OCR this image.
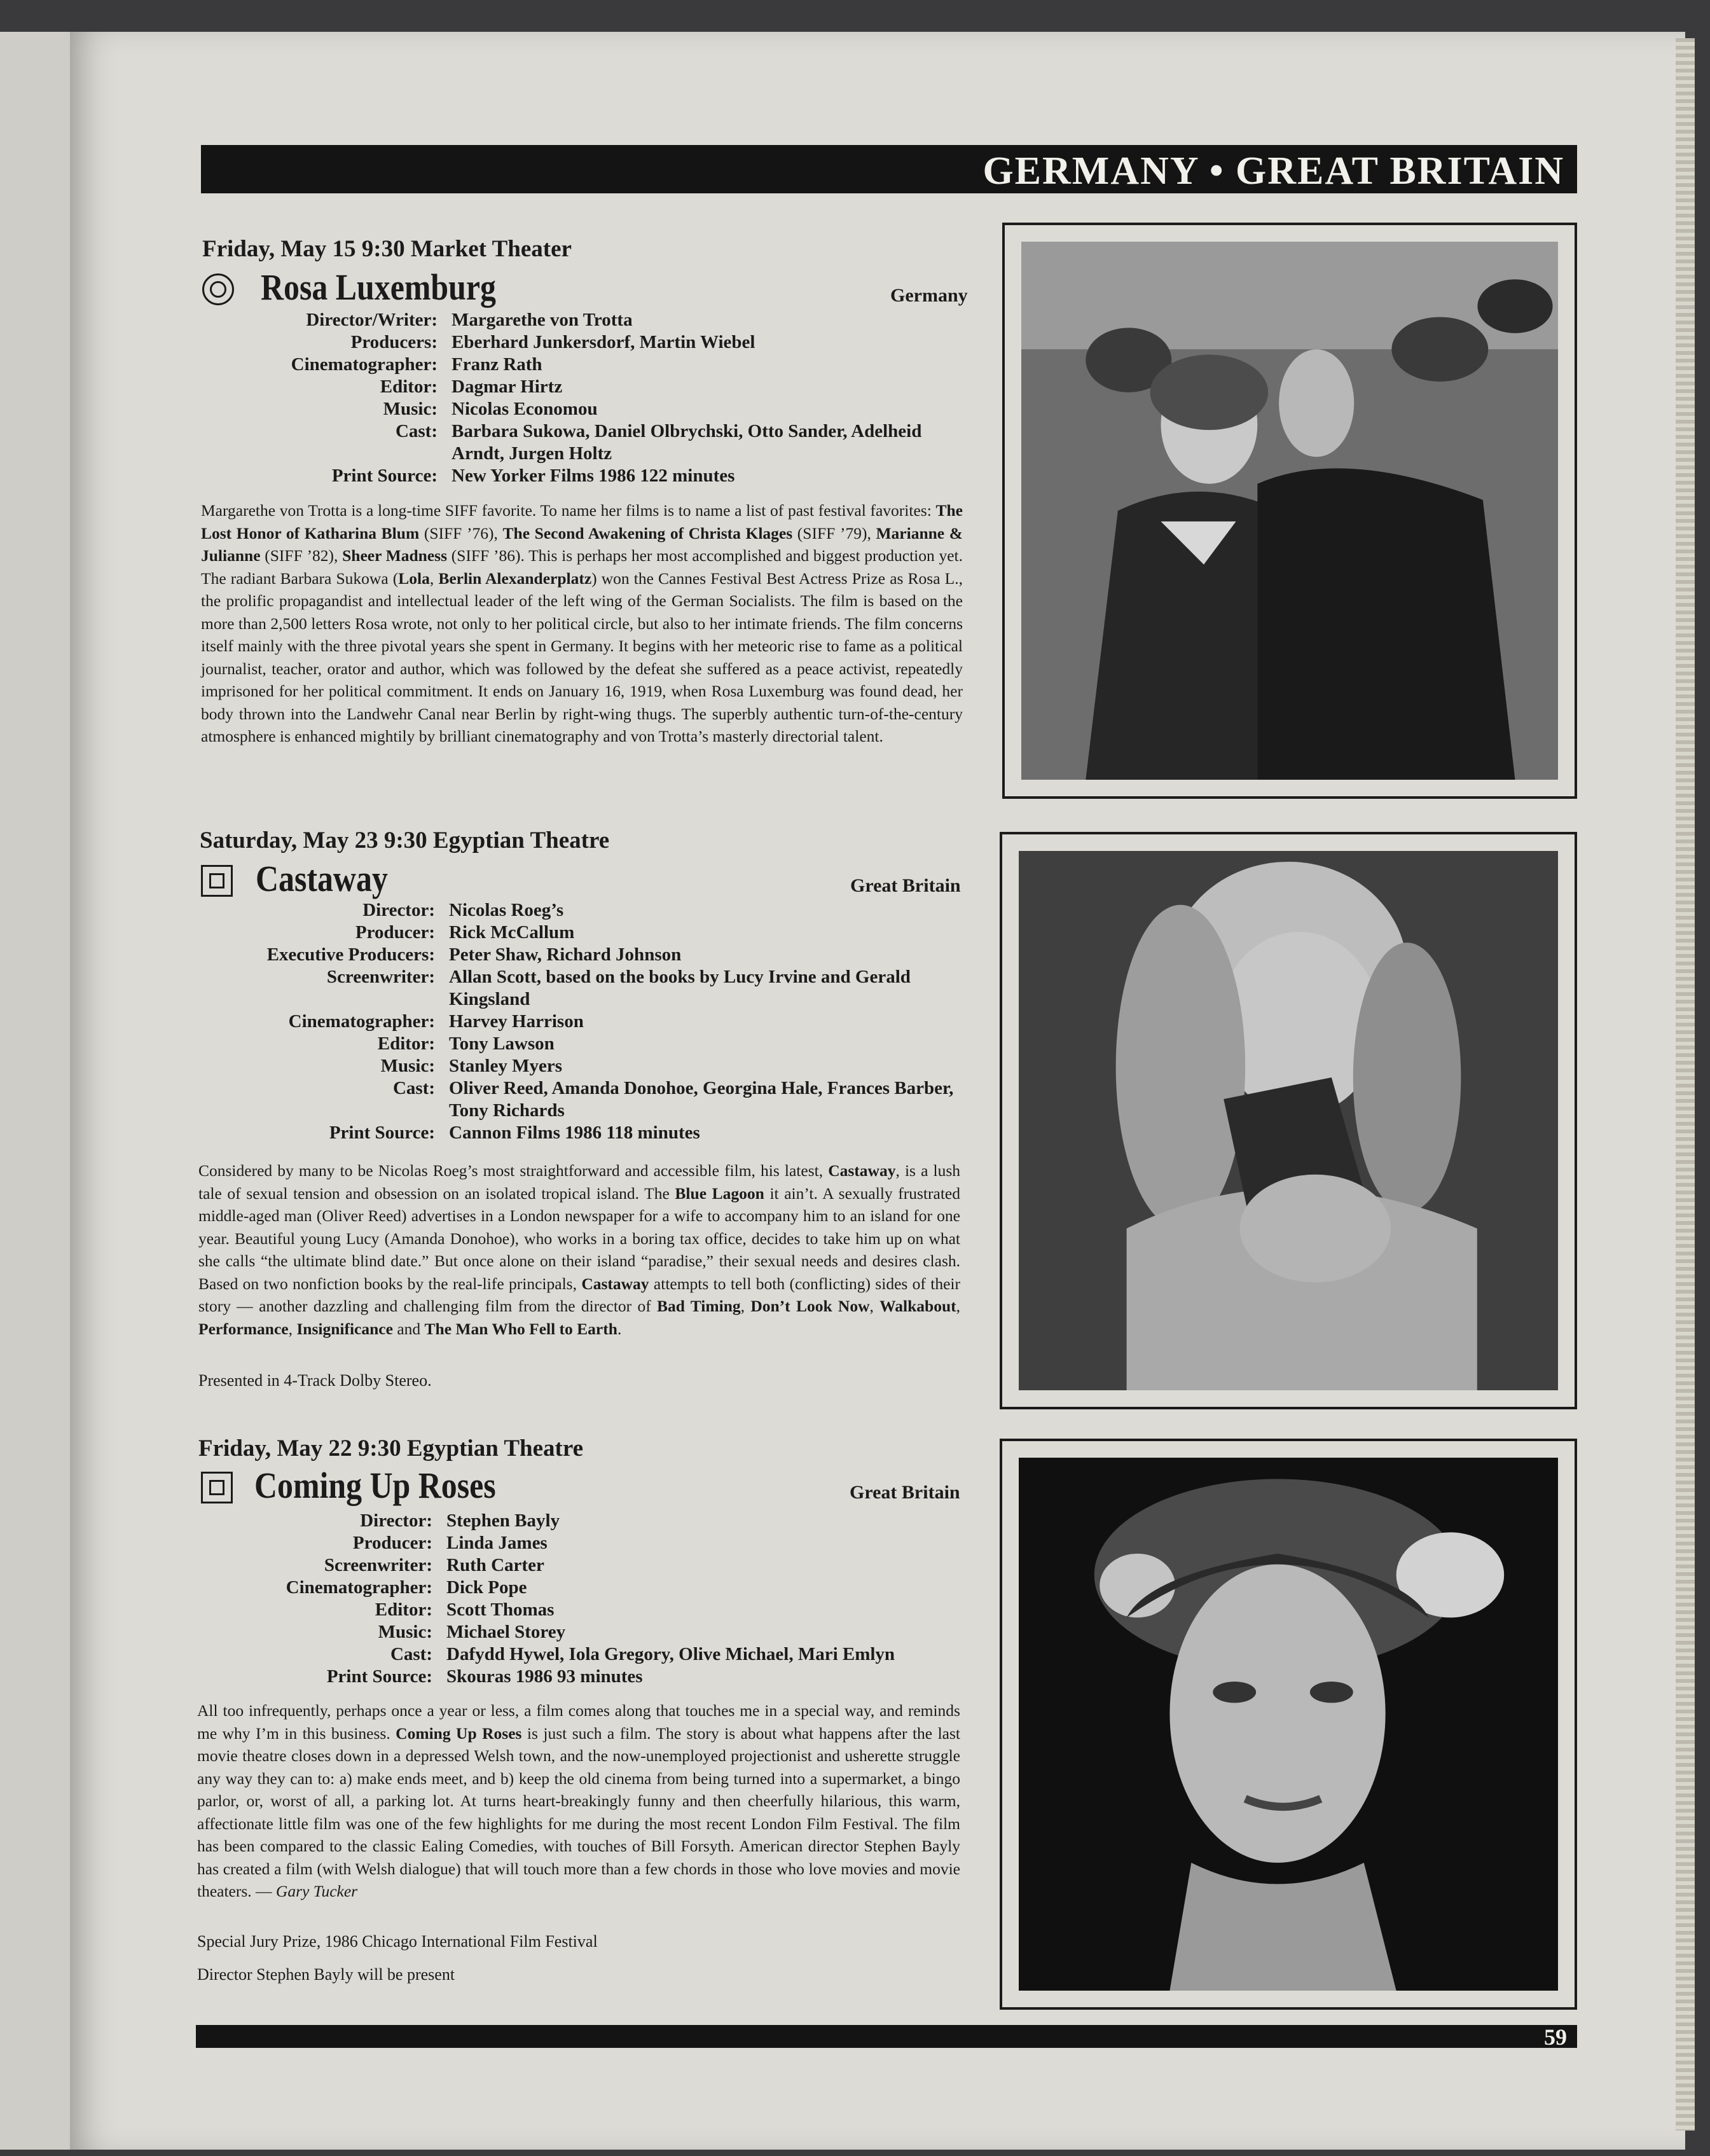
GERMANY • GREAT BRITAIN
Friday, May 15 9:30 Market Theater
Rosa Luxemburg	Germany
Director/Writer: Margarethe von Trotta
Producers: Eberhard Junkersdorf, Martin Wiebel
Cinematographer: Franz Rath
Editor: Dagmar Hirtz
Music: Nicolas Economou
Cast: Barbara Sukowa, Daniel Olbrychski, Otto Sander, Adelheid Arndt, Jurgen Holtz
Print Source: New Yorker Films 1986 122 minutes
Margarethe von Trotta is a long-time SIFF favorite. To name her films is to name a list of past festival favorites: The Lost Honor of Katharina Blum (SIFF ’76), The Second Awakening of Christa Klages (SIFF ’79), Marianne & Julianne (SIFF ’82), Sheer Madness (SIFF ’86). This is perhaps her most accomplished and biggest production yet. The radiant Barbara Sukowa (Lola, Berlin Alexanderplatz) won the Cannes Festival Best Actress Prize as Rosa L., the prolific propagandist and intellectual leader of the left wing of the German Socialists. The film is based on the more than 2,500 letters Rosa wrote, not only to her political circle, but also to her intimate friends. The film concerns itself mainly with the three pivotal years she spent in Germany. It begins with her meteoric rise to fame as a political journalist, teacher, orator and author, which was followed by the defeat she suffered as a peace activist, repeatedly imprisoned for her political commitment. It ends on January 16, 1919, when Rosa Luxemburg was found dead, her body thrown into the Landwehr Canal near Berlin by right-wing thugs. The superbly authentic turn-of-the-century atmosphere is enhanced mightily by brilliant cinematography and von Trotta’s masterly directorial talent.
Saturday, May 23 9:30 Egyptian Theatre
Castaway	Great Britain
Director: Nicolas Roeg’s
Producer: Rick McCallum
Executive Producers: Peter Shaw, Richard Johnson
Screenwriter: Allan Scott, based on the books by Lucy Irvine and Gerald Kingsland
Cinematographer: Harvey Harrison
Editor: Tony Lawson
Music: Stanley Myers
Cast: Oliver Reed, Amanda Donohoe, Georgina Hale, Frances Barber, Tony Richards
Print Source: Cannon Films 1986 118 minutes
Considered by many to be Nicolas Roeg’s most straightforward and accessible film, his latest, Castaway, is a lush tale of sexual tension and obsession on an isolated tropical island. The Blue Lagoon it ain’t. A sexually frustrated middle-aged man (Oliver Reed) advertises in a London newspaper for a wife to accompany him to an island for one year. Beautiful young Lucy (Amanda Donohoe), who works in a boring tax office, decides to take him up on what she calls “the ultimate blind date.” But once alone on their island “paradise,” their sexual needs and desires clash. Based on two nonfiction books by the real-life principals, Castaway attempts to tell both (conflicting) sides of their story — another dazzling and challenging film from the director of Bad Timing, Don’t Look Now, Walkabout, Performance, Insignificance and The Man Who Fell to Earth.
Presented in 4-Track Dolby Stereo.
Friday, May 22 9:30 Egyptian Theatre
Coming Up Roses	Great Britain
Director: Stephen Bayly
Producer: Linda James
Screenwriter: Ruth Carter
Cinematographer: Dick Pope
Editor: Scott Thomas
Music: Michael Storey
Cast: Dafydd Hywel, Iola Gregory, Olive Michael, Mari Emlyn
Print Source: Skouras 1986 93 minutes
All too infrequently, perhaps once a year or less, a film comes along that touches me in a special way, and reminds me why I’m in this business. Coming Up Roses is just such a film. The story is about what happens after the last movie theatre closes down in a depressed Welsh town, and the now-unemployed projectionist and usherette struggle any way they can to: a) make ends meet, and b) keep the old cinema from being turned into a supermarket, a bingo parlor, or, worst of all, a parking lot. At turns heart-breakingly funny and then cheerfully hilarious, this warm, affectionate little film was one of the few highlights for me during the most recent London Film Festival. The film has been compared to the classic Ealing Comedies, with touches of Bill Forsyth. American director Stephen Bayly has created a film (with Welsh dialogue) that will touch more than a few chords in those who love movies and movie theaters. — Gary Tucker
Special Jury Prize, 1986 Chicago International Film Festival
Director Stephen Bayly will be present
59
